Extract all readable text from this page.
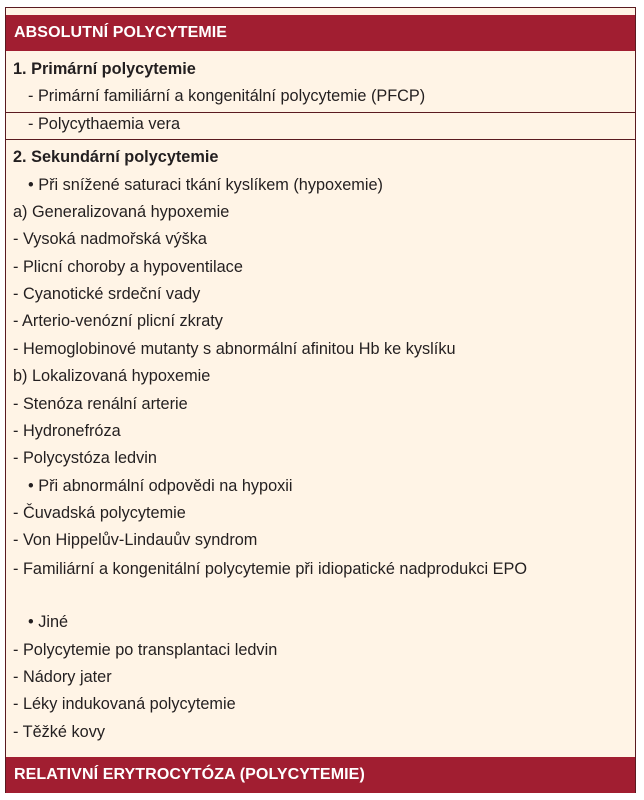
ABSOLUTNÍ POLYCYTEMIE
1. Primární polycytemie
- Primární familiární a kongenitální polycytemie (PFCP)
- Polycythaemia vera
2. Sekundární polycytemie
• Při snížené saturaci tkání kyslíkem (hypoxemie)
a) Generalizovaná hypoxemie
- Vysoká nadmořská výška
- Plicní choroby a hypoventilace
- Cyanotické srdeční vady
- Arterio-venózní plicní zkraty
- Hemoglobinové mutanty s abnormální afinitou Hb ke kyslíku
b) Lokalizovaná hypoxemie
- Stenóza renální arterie
- Hydronefróza
- Polycystóza ledvin
• Při abnormální odpovědi na hypoxii
- Čuvadská polycytemie
- Von Hippelův-Lindauův syndrom
- Familiární a kongenitální polycytemie při idiopatické nadprodukci EPO
• Jiné
- Polycytemie po transplantaci ledvin
- Nádory jater
- Léky indukovaná polycytemie
- Těžké kovy
RELATIVNÍ ERYTROCYTÓZA (POLYCYTEMIE)
